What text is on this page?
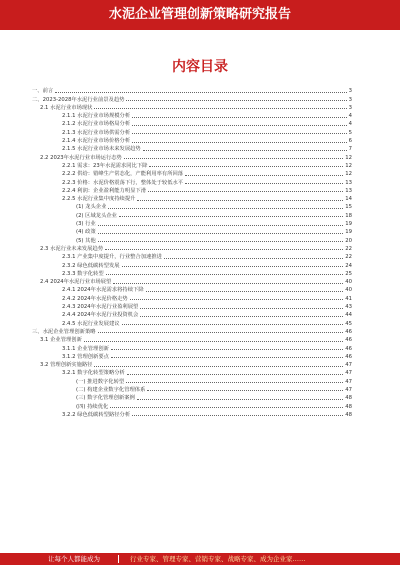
水泥企业管理创新策略研究报告
内容目录
一、前言	3
二、2023-2028年水泥行业前景及趋势	3
2.1 水泥行业市场现状	3
2.1.1 水泥行业市场规模分析	4
2.1.2 水泥行业市场格局分析	4
2.1.3 水泥行业市场供需分析	5
2.1.4 水泥行业市场价格分析	6
2.1.5 水泥行业市场未来发展趋势	7
2.2 2023年水泥行业市场运行态势	12
2.2.1 需求：23年水泥需求同比下降	12
2.2.2 供给：错峰生产常态化，产能利用率有所回落	12
2.2.3 价格：水泥价格震荡下行，整体处于较低水平	13
2.2.4 利润：企业盈利能力明显下滑	13
2.2.5 水泥行业集中度持续提升	14
(1) 龙头企业	15
(2) 区域龙头企业	18
(3) 行业	19
(4) 政策	19
(5) 其他	20
2.3 水泥行业未来发展趋势	22
2.3.1 产业集中度提升，行业整合加速推进	22
2.3.2 绿色低碳转型发展	24
2.3.3 数字化转型	25
2.4 2024年水泥行业市场展望	40
2.4.1 2024年水泥需求将持续下降	40
2.4.2 2024年水泥价格走势	41
2.4.3 2024年水泥行业盈利展望	43
2.4.4 2024年水泥行业投资机会	44
2.4.5 水泥行业发展建议	45
三、水泥企业管理创新策略	46
3.1 企业管理创新	46
3.1.1 企业管理创新	46
3.1.2 管理创新要点	46
3.2 管理创新实施路径	47
3.2.1 数字化转型策略分析	47
(一) 推进数字化转型	47
(二) 构建企业数字化管理体系	47
(三) 数字化管理创新案例	48
(四) 持续优化	48
3.2.2 绿色低碳转型路径分析	48
让每个人都能成为	行业专家、管理专家、营销专家、战略专家、成为企业家……
